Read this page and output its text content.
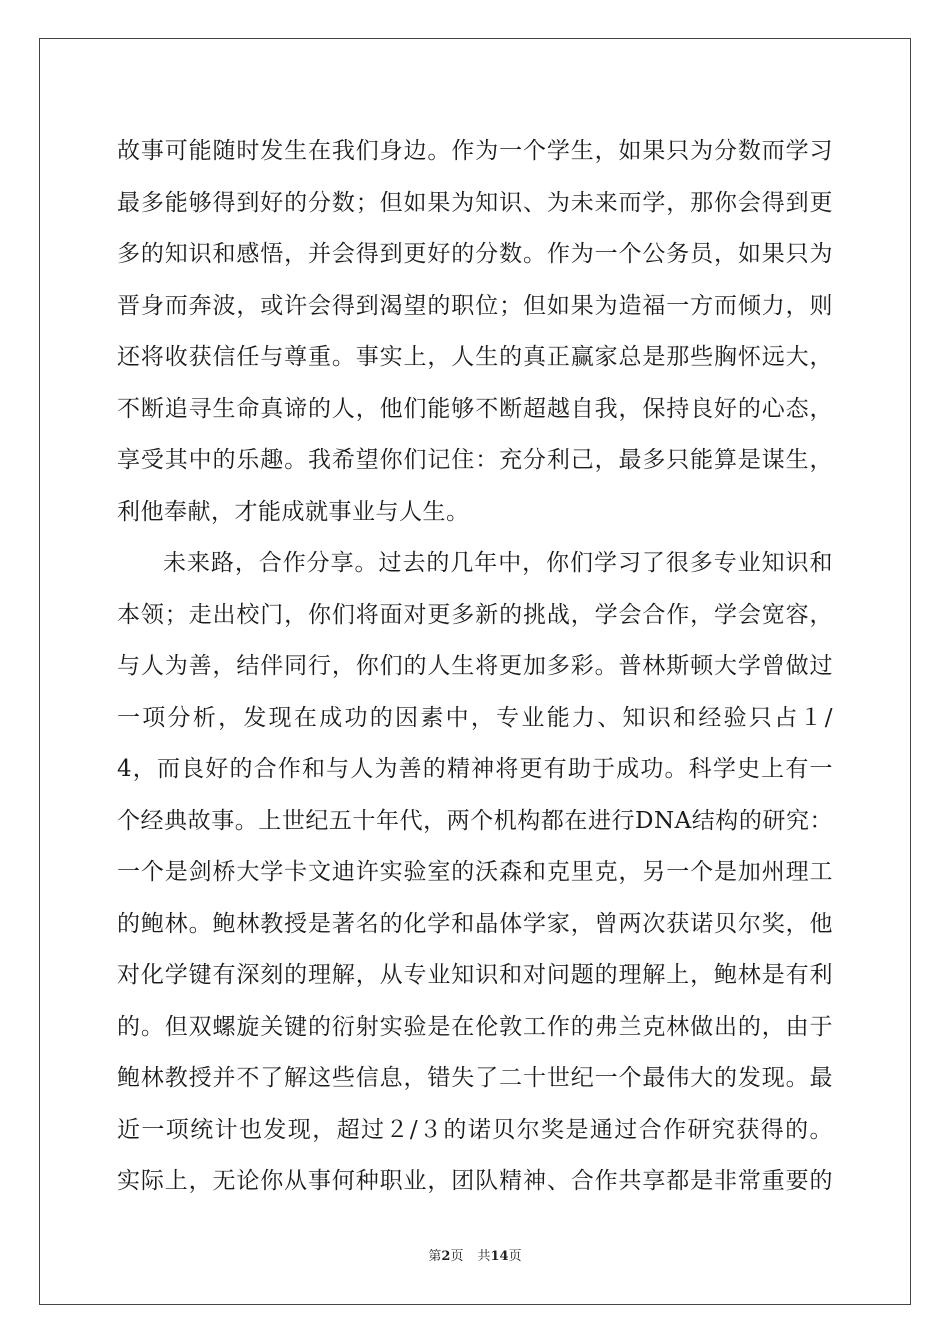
故事可能随时发生在我们身边。作为一个学生，如果只为分数而学习
最多能够得到好的分数；但如果为知识、为未来而学，那你会得到更
多的知识和感悟，并会得到更好的分数。作为一个公务员，如果只为
晋身而奔波，或许会得到渴望的职位；但如果为造福一方而倾力，则
还将收获信任与尊重。事实上，人生的真正赢家总是那些胸怀远大，
不断追寻生命真谛的人，他们能够不断超越自我，保持良好的心态，
享受其中的乐趣。我希望你们记住：充分利己，最多只能算是谋生，
利他奉献，才能成就事业与人生。
未来路，合作分享。过去的几年中，你们学习了很多专业知识和
本领；走出校门，你们将面对更多新的挑战，学会合作，学会宽容，
与人为善，结伴同行，你们的人生将更加多彩。普林斯顿大学曾做过
一项分析，发现在成功的因素中，专业能力、知识和经验只占１/
4，而良好的合作和与人为善的精神将更有助于成功。科学史上有一
个经典故事。上世纪五十年代，两个机构都在进行DNA结构的研究：
一个是剑桥大学卡文迪许实验室的沃森和克里克，另一个是加州理工
的鲍林。鲍林教授是著名的化学和晶体学家，曾两次获诺贝尔奖，他
对化学键有深刻的理解，从专业知识和对问题的理解上，鲍林是有利
的。但双螺旋关键的衍射实验是在伦敦工作的弗兰克林做出的，由于
鲍林教授并不了解这些信息，错失了二十世纪一个最伟大的发现。最
近一项统计也发现，超过２/３的诺贝尔奖是通过合作研究获得的。
实际上，无论你从事何种职业，团队精神、合作共享都是非常重要的
第2页 共14页
